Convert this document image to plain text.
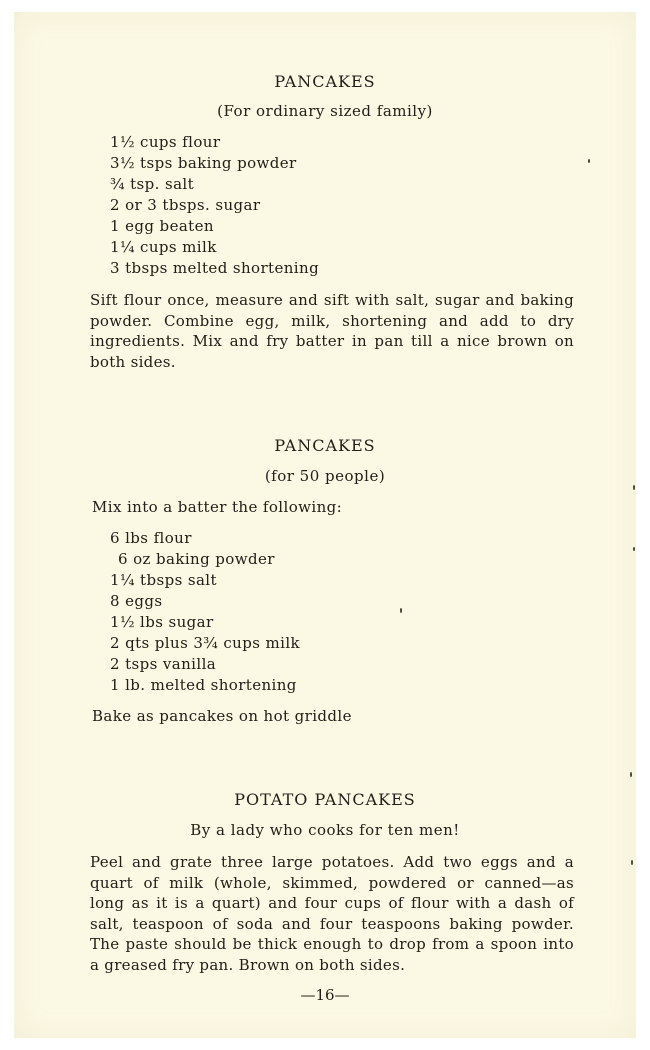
PANCAKES
(For ordinary sized family)
1½ cups flour
3½ tsps baking powder
¾ tsp. salt
2 or 3 tbsps. sugar
1 egg beaten
1¼ cups milk
3 tbsps melted shortening

Sift flour once, measure and sift with salt, sugar and baking powder. Combine egg, milk, shortening and add to dry ingredients. Mix and fry batter in pan till a nice brown on both sides.

PANCAKES
(for 50 people)
Mix into a batter the following:
6 lbs flour
6 oz baking powder
1¼ tbsps salt
8 eggs
1½ lbs sugar
2 qts plus 3¾ cups milk
2 tsps vanilla
1 lb. melted shortening
Bake as pancakes on hot griddle
POTATO PANCAKES
By a lady who cooks for ten men!

Peel and grate three large potatoes. Add two eggs and a quart of milk (whole, skimmed, powdered or canned—as long as it is a quart) and four cups of flour with a dash of salt, teaspoon of soda and four teaspoons baking powder. The paste should be thick enough to drop from a spoon into a greased fry pan. Brown on both sides.

—16—
